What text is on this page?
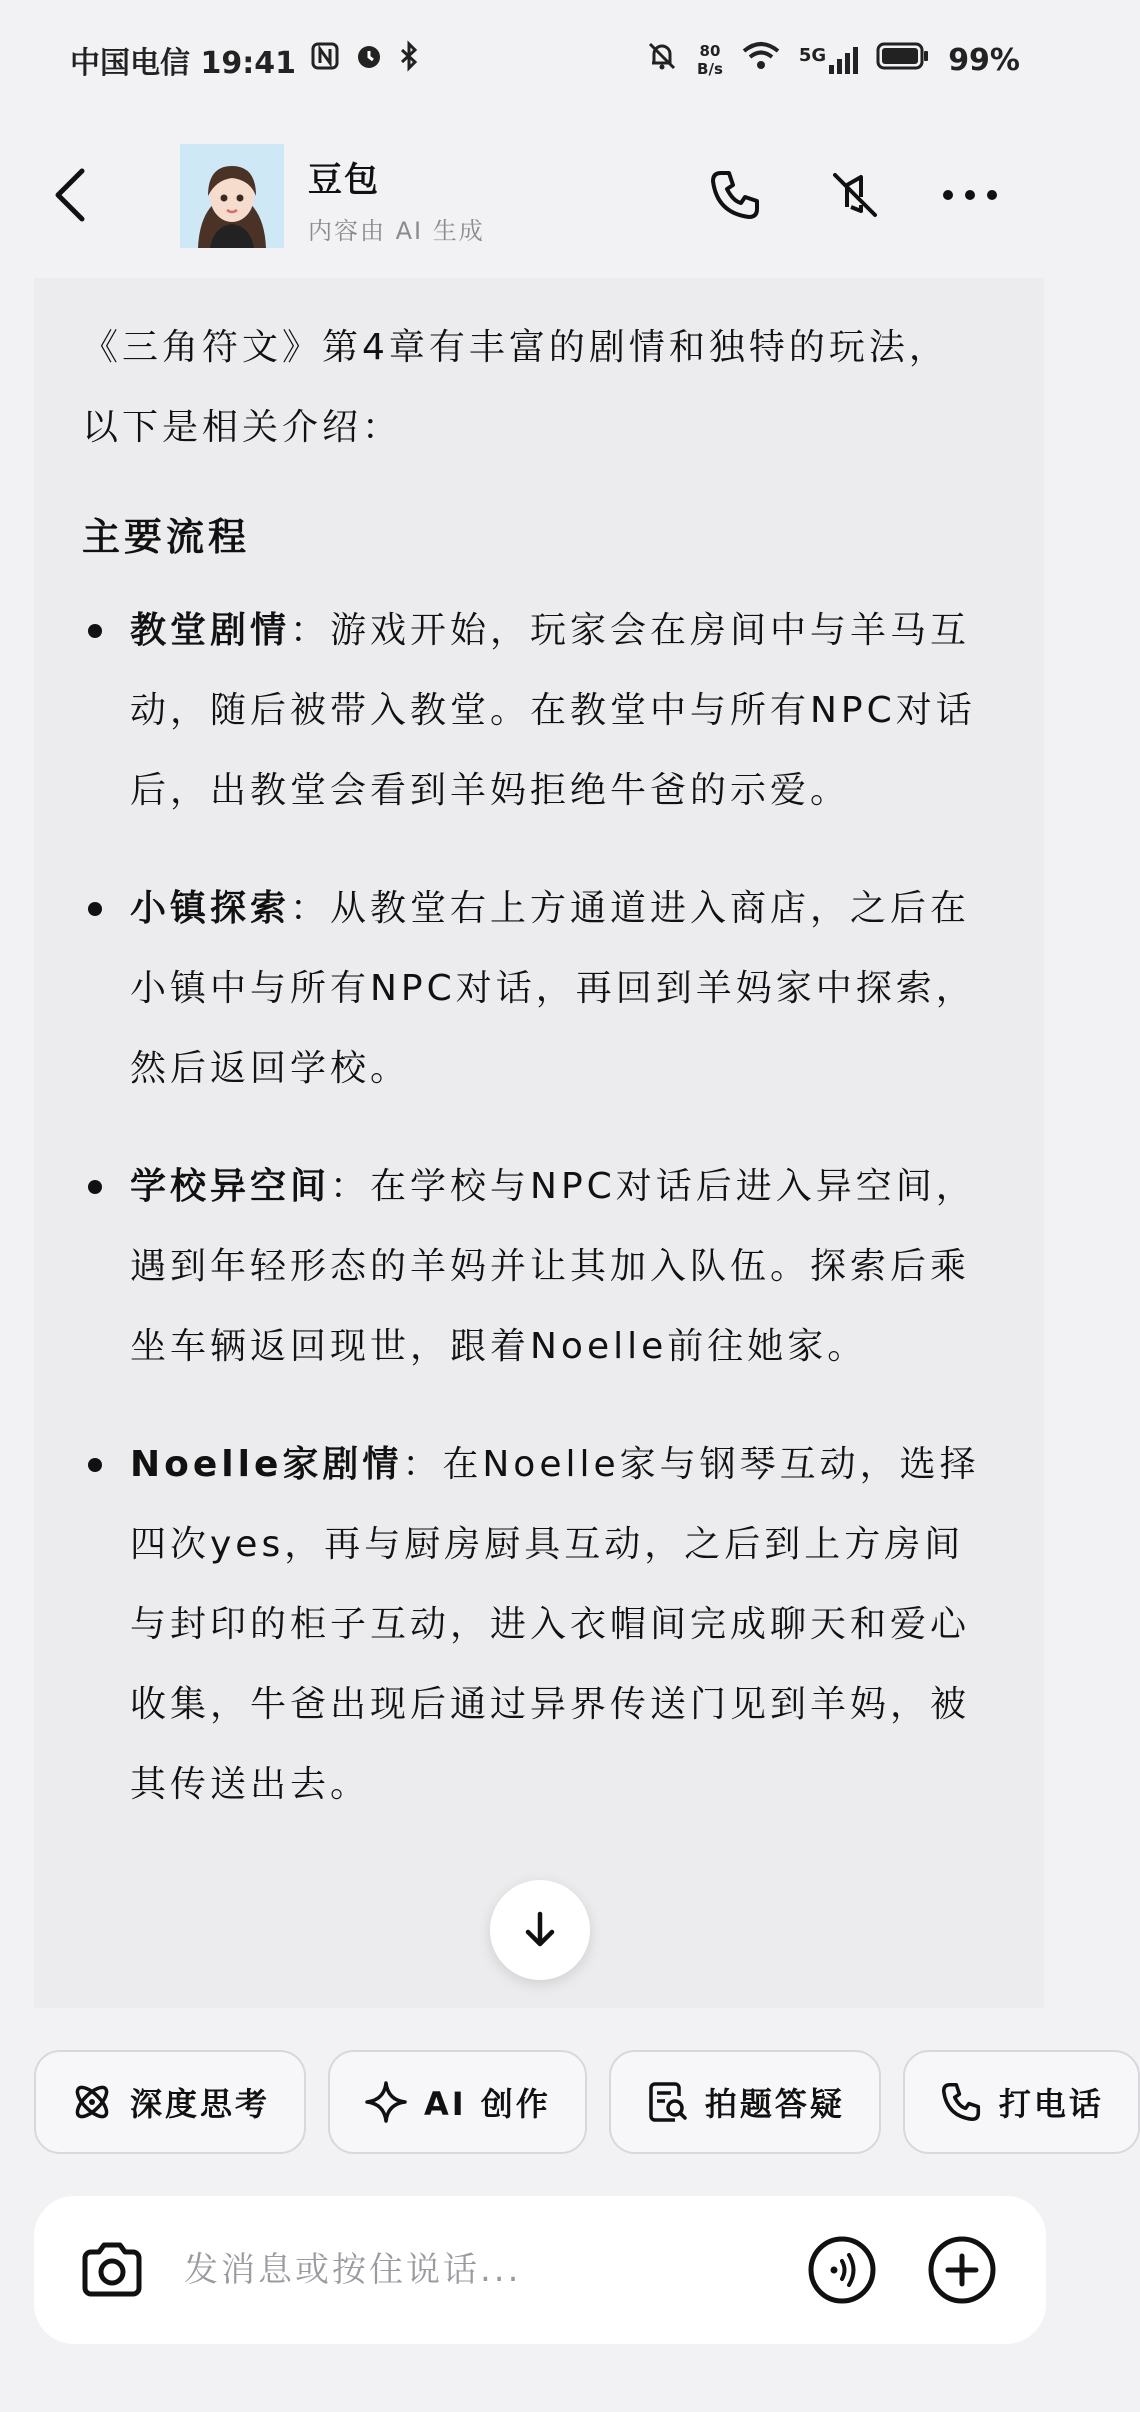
中国电信 19:41	80
B/s
5G	99%
豆包
内容由 AI 生成
《三角符文》第4章有丰富的剧情和独特的玩法，以下是相关介绍：
主要流程
教堂剧情：游戏开始，玩家会在房间中与羊马互动，随后被带入教堂。在教堂中与所有NPC对话后，出教堂会看到羊妈拒绝牛爸的示爱。
小镇探索：从教堂右上方通道进入商店，之后在小镇中与所有NPC对话，再回到羊妈家中探索，然后返回学校。
学校异空间：在学校与NPC对话后进入异空间，遇到年轻形态的羊妈并让其加入队伍。探索后乘坐车辆返回现世，跟着Noelle前往她家。
Noelle家剧情：在Noelle家与钢琴互动，选择四次yes，再与厨房厨具互动，之后到上方房间与封印的柜子互动，进入衣帽间完成聊天和爱心收集，牛爸出现后通过异界传送门见到羊妈，被其传送出去。
深度思考	AI 创作	拍题答疑	打电话
发消息或按住说话...
